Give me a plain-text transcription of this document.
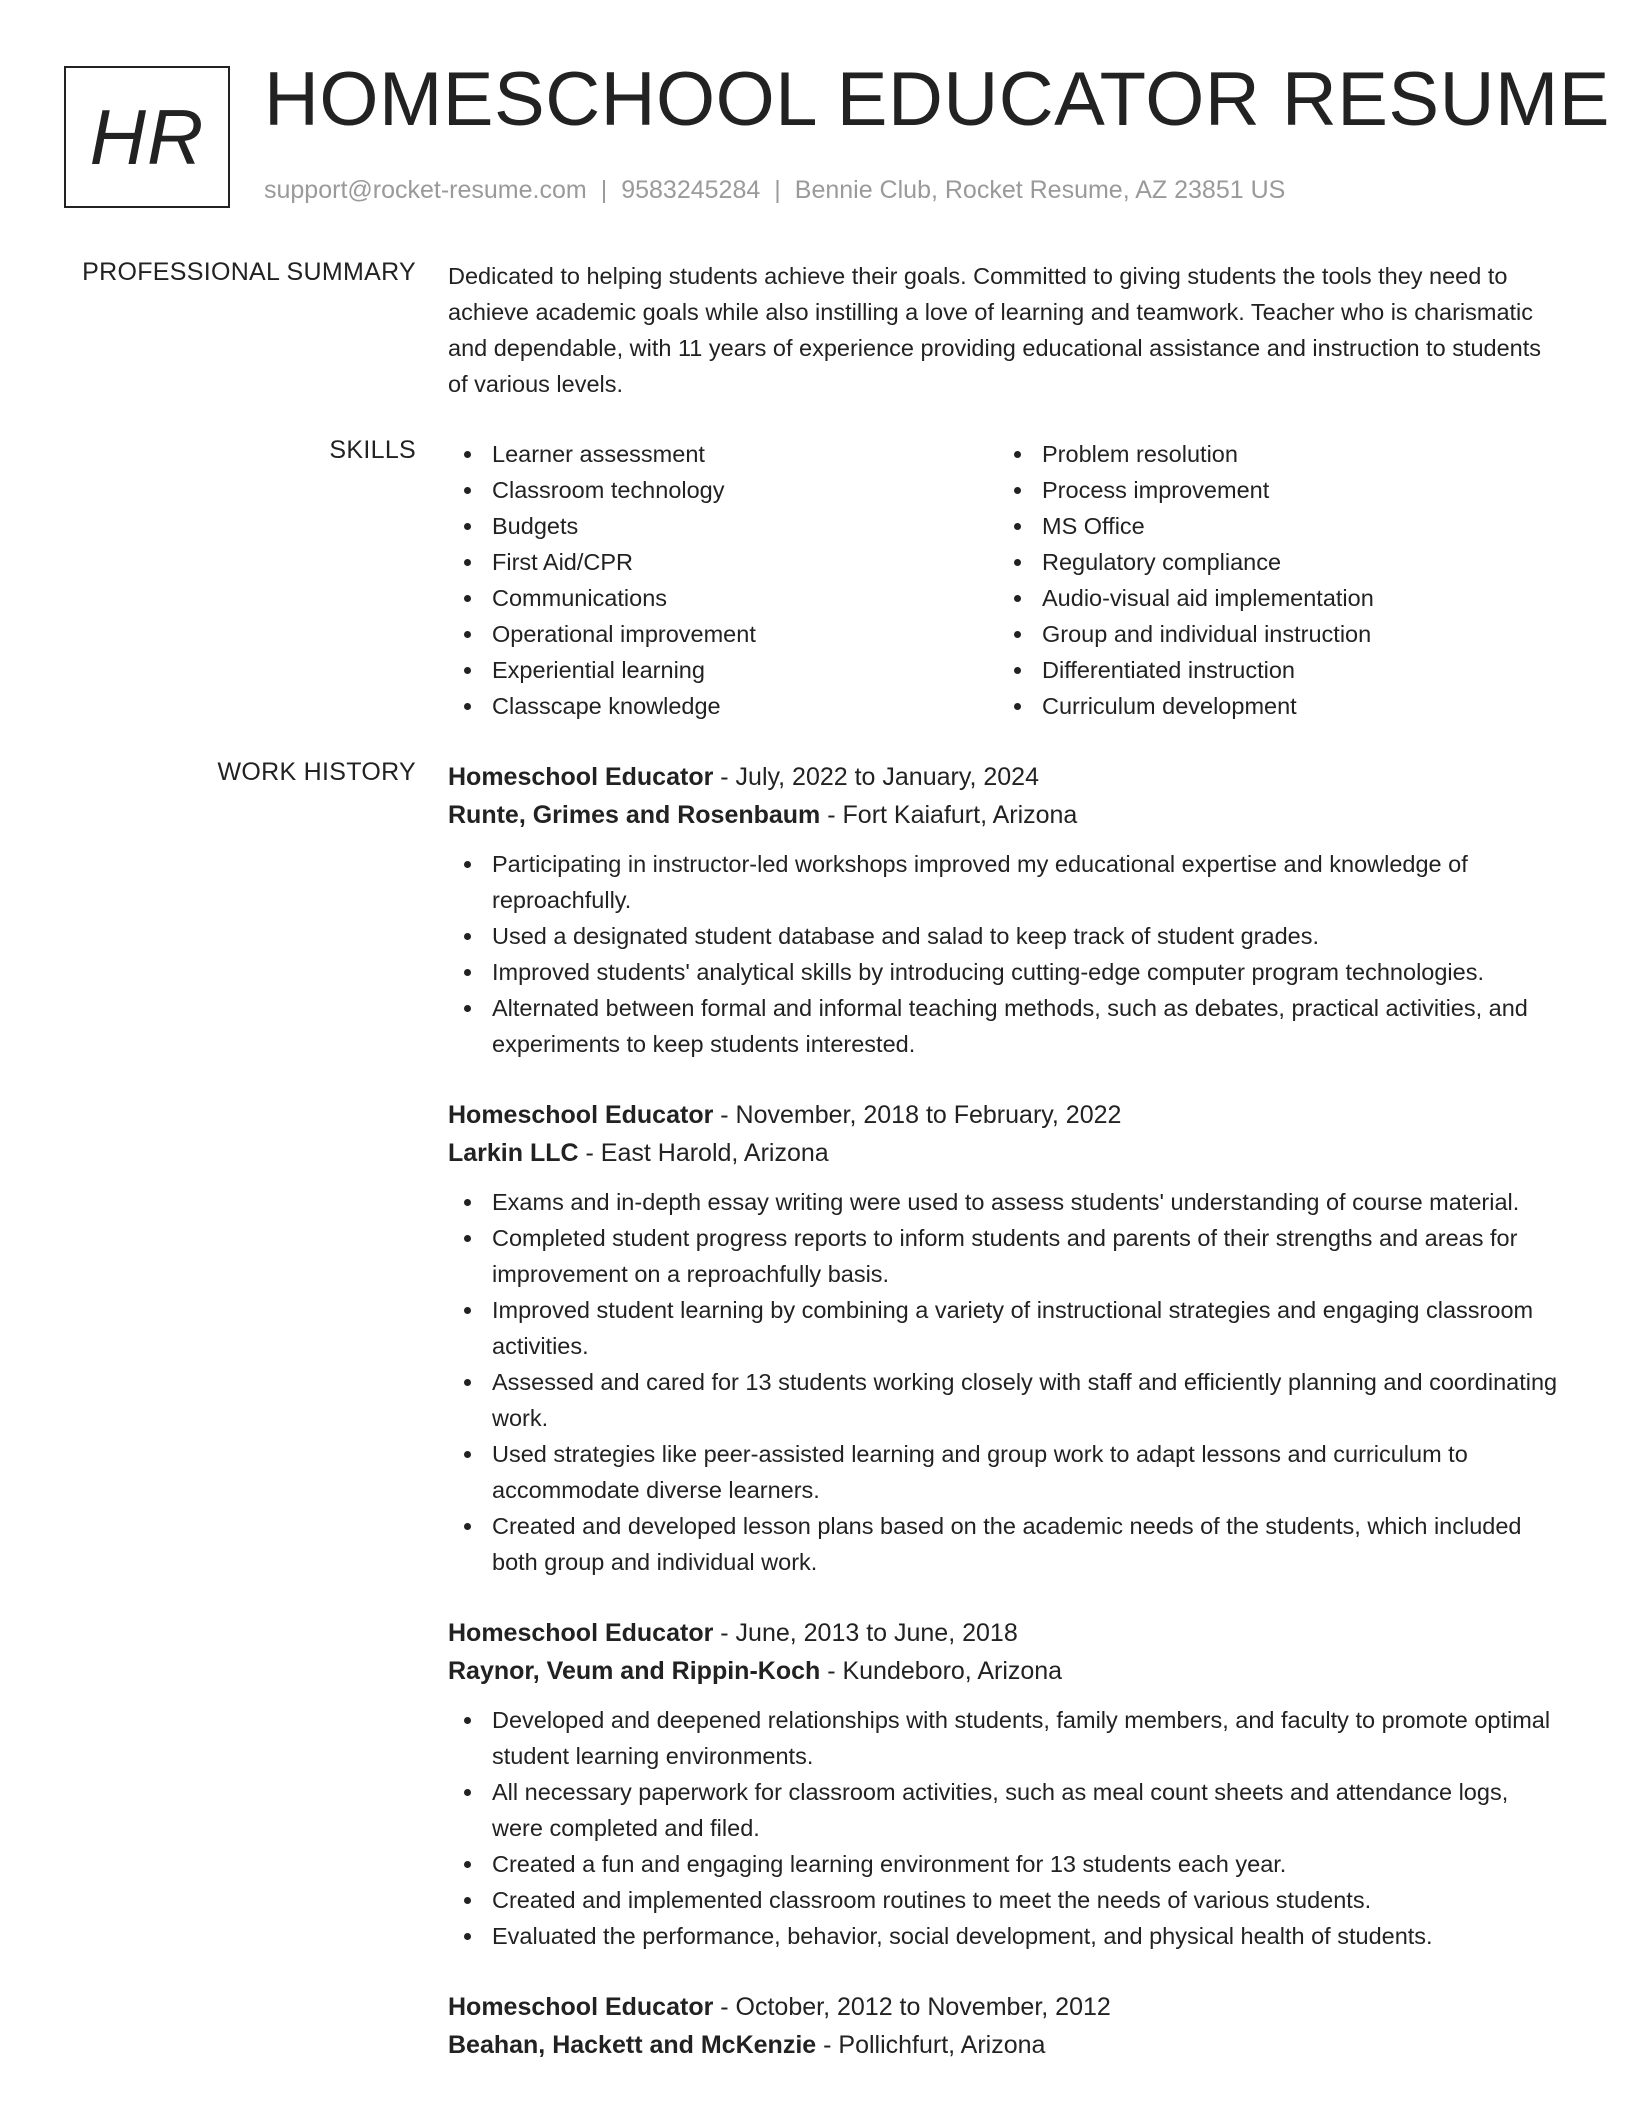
HR HOMESCHOOL EDUCATOR RESUME
support@rocket-resume.com | 9583245284 | Bennie Club, Rocket Resume, AZ 23851 US
PROFESSIONAL SUMMARY Dedicated to helping students achieve their goals. Committed to giving students the tools they need to achieve academic goals while also instilling a love of learning and teamwork. Teacher who is charismatic and dependable, with 11 years of experience providing educational assistance and instruction to students of various levels.

SKILLS	Learner assessment
Classroom technology
Budgets
First Aid/CPR
Communications
Operational improvement
Experiential learning
Classcape knowledge
Problem resolution
Process improvement
MS Office
Regulatory compliance
Audio-visual aid implementation
Group and individual instruction
Differentiated instruction
Curriculum development
WORK HISTORY Homeschool Educator - July, 2022 to January, 2024
Runte, Grimes and Rosenbaum - Fort Kaiafurt, Arizona
Participating in instructor-led workshops improved my educational expertise and knowledge of reproachfully.
Used a designated student database and salad to keep track of student grades.
Improved students' analytical skills by introducing cutting-edge computer program technologies.
Alternated between formal and informal teaching methods, such as debates, practical activities, and experiments to keep students interested.
Homeschool Educator - November, 2018 to February, 2022
Larkin LLC - East Harold, Arizona
Exams and in-depth essay writing were used to assess students' understanding of course material.
Completed student progress reports to inform students and parents of their strengths and areas for improvement on a reproachfully basis.
Improved student learning by combining a variety of instructional strategies and engaging classroom activities.
Assessed and cared for 13 students working closely with staff and efficiently planning and coordinating work.
Used strategies like peer-assisted learning and group work to adapt lessons and curriculum to accommodate diverse learners.
Created and developed lesson plans based on the academic needs of the students, which included both group and individual work.
Homeschool Educator - June, 2013 to June, 2018
Raynor, Veum and Rippin-Koch - Kundeboro, Arizona
Developed and deepened relationships with students, family members, and faculty to promote optimal student learning environments.
All necessary paperwork for classroom activities, such as meal count sheets and attendance logs, were completed and filed.
Created a fun and engaging learning environment for 13 students each year.
Created and implemented classroom routines to meet the needs of various students.
Evaluated the performance, behavior, social development, and physical health of students.
Homeschool Educator - October, 2012 to November, 2012
Beahan, Hackett and McKenzie - Pollichfurt, Arizona
